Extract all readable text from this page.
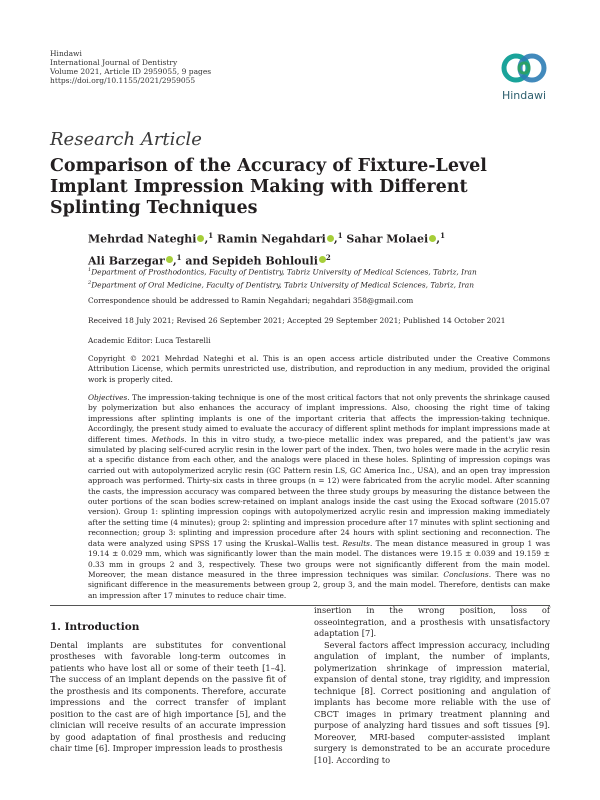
Hindawi
International Journal of Dentistry
Volume 2021, Article ID 2959055, 9 pages
https://doi.org/10.1155/2021/2959055
Hindawi
Research Article
Comparison of the Accuracy of Fixture-Level Implant Impression Making with Different Splinting Techniques
Mehrdad Nateghi ,$^1$ Ramin Negahdari ,$^1$ Sahar Molaei ,$^1$
Ali Barzegar ,$^1$ and Sepideh Bohlouli $^2$
$^1$Department of Prosthodontics, Faculty of Dentistry, Tabriz University of Medical Sciences, Tabriz, Iran
$^2$Department of Oral Medicine, Faculty of Dentistry, Tabriz University of Medical Sciences, Tabriz, Iran
Correspondence should be addressed to Ramin Negahdari; negahdari 358@gmail.com
Received 18 July 2021; Revised 26 September 2021; Accepted 29 September 2021; Published 14 October 2021
Academic Editor: Luca Testarelli
Copyright © 2021 Mehrdad Nateghi et al. This is an open access article distributed under the Creative Commons Attribution License, which permits unrestricted use, distribution, and reproduction in any medium, provided the original work is properly cited.
Objectives. The impression-taking technique is one of the most critical factors that not only prevents the shrinkage caused by polymerization but also enhances the accuracy of implant impressions. Also, choosing the right time of taking impressions after splinting implants is one of the important criteria that affects the impression-taking technique. Accordingly, the present study aimed to evaluate the accuracy of different splint methods for implant impressions made at different times. Methods. In this in vitro study, a two-piece metallic index was prepared, and the patient's jaw was simulated by placing self-cured acrylic resin in the lower part of the index. Then, two holes were made in the acrylic resin at a specific distance from each other, and the analogs were placed in these holes. Splinting of impression copings was carried out with autopolymerized acrylic resin (GC Pattern resin LS, GC America Inc., USA), and an open tray impression approach was performed. Thirty-six casts in three groups (n = 12) were fabricated from the acrylic model. After scanning the casts, the impression accuracy was compared between the three study groups by measuring the distance between the outer portions of the scan bodies screw-retained on implant analogs inside the cast using the Exocad software (2015.07 version). Group 1: splinting impression copings with autopolymerized acrylic resin and impression making immediately after the setting time (4 minutes); group 2: splinting and impression procedure after 17 minutes with splint sectioning and reconnection; group 3: splinting and impression procedure after 24 hours with splint sectioning and reconnection. The data were analyzed using SPSS 17 using the Kruskal–Wallis test. Results. The mean distance measured in group 1 was 19.14 ± 0.029 mm, which was significantly lower than the main model. The distances were 19.15 ± 0.039 and 19.159 ± 0.33 mm in groups 2 and 3, respectively. These two groups were not significantly different from the main model. Moreover, the mean distance measured in the three impression techniques was similar. Conclusions. There was no significant difference in the measurements between group 2, group 3, and the main model. Therefore, dentists can make an impression after 17 minutes to reduce chair time.
1. Introduction

Dental implants are substitutes for conventional prostheses with favorable long-term outcomes in patients who have lost all or some of their teeth [1–4]. The success of an implant depends on the passive fit of the prosthesis and its components. Therefore, accurate impressions and the correct transfer of implant position to the cast are of high importance [5], and the clinician will receive results of an accurate impression by good adaptation of final prosthesis and reducing chair time [6]. Improper impression leads to prosthesis

insertion in the wrong position, loss of osseointegration, and a prosthesis with unsatisfactory adaptation [7].

Several factors affect impression accuracy, including angulation of implant, the number of implants, polymerization shrinkage of impression material, expansion of dental stone, tray rigidity, and impression technique [8]. Correct positioning and angulation of implants has become more reliable with the use of CBCT images in primary treatment planning and purpose of analyzing hard tissues and soft tissues [9]. Moreover, MRI-based computer-assisted implant surgery is demonstrated to be an accurate procedure [10]. According to
